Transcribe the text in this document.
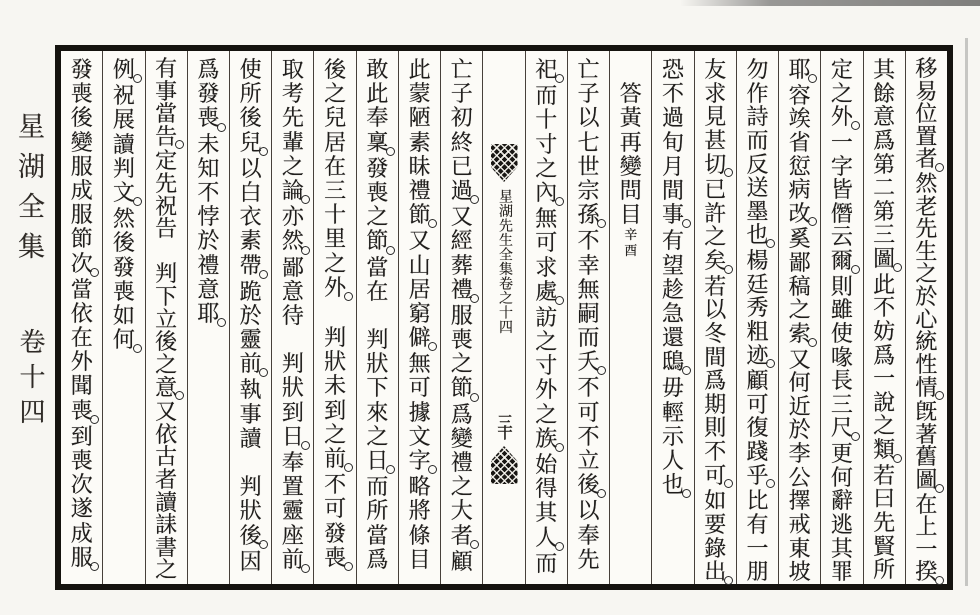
星湖全集
卷十四
移
易
位
置
者
然
老
先
生
之
於
心
統
性
情
旣
著
舊
圖
在
上
一
揆
其
餘
意
爲
第
二
第
三
圖
此
不
妨
爲
一
說
之
類
若
曰
先
賢
所
定
之
外
一
字
皆
僭
云
爾
則
雖
使
喙
長
三
尺
更
何
辭
逃
其
罪
耶
容
竢
省
愆
病
改
奚
鄙
稿
之
索
又
何
近
於
李
公
擇
戒
東
坡
勿
作
詩
而
反
送
墨
也
楊
廷
秀
粗
迹
顧
可
復
踐
乎
比
有
一
朋
友
求
見
甚
切
已
許
之
矣
若
以
冬
間
爲
期
則
不
可
如
要
錄
出
恐
不
過
旬
月
間
事
有
望
趁
急
還
鴟
毋
輕
示
人
也
答
黃
再
變
問
目
辛
酉
亡
子
以
七
世
宗
孫
不
幸
無
嗣
而
夭
不
可
不
立
後
以
奉
先
祀
而
十
寸
之
內
無
可
求
處
訪
之
寸
外
之
族
始
得
其
人
而
星湖先生全集卷之十四
三十
亡
子
初
終
已
過
又
經
葬
禮
服
喪
之
節
爲
變
禮
之
大
者
顧
此
蒙
陋
素
昧
禮
節
又
山
居
窮
僻
無
可
據
文
字
略
將
條
目
敢
此
奉
稟
發
喪
之
節
當
在
判
狀
下
來
之
日
而
所
當
爲
後
之
兒
居
在
三
十
里
之
外
判
狀
未
到
之
前
不
可
發
喪
取
考
先
輩
之
論
亦
然
鄙
意
待
判
狀
到
日
奉
置
靈
座
前
使
所
後
兒
以
白
衣
素
帶
跪
於
靈
前
執
事
讀
判
狀
後
因
爲
發
喪
未
知
不
悖
於
禮
意
耶
有
事
當
告
定
先
祝
告
判
下
立
後
之
意
又
依
古
者
讀
誄
書
之
例
祝
展
讀
判
文
然
後
發
喪
如
何
發
喪
後
變
服
成
服
節
次
當
依
在
外
聞
喪
到
喪
次
遂
成
服
